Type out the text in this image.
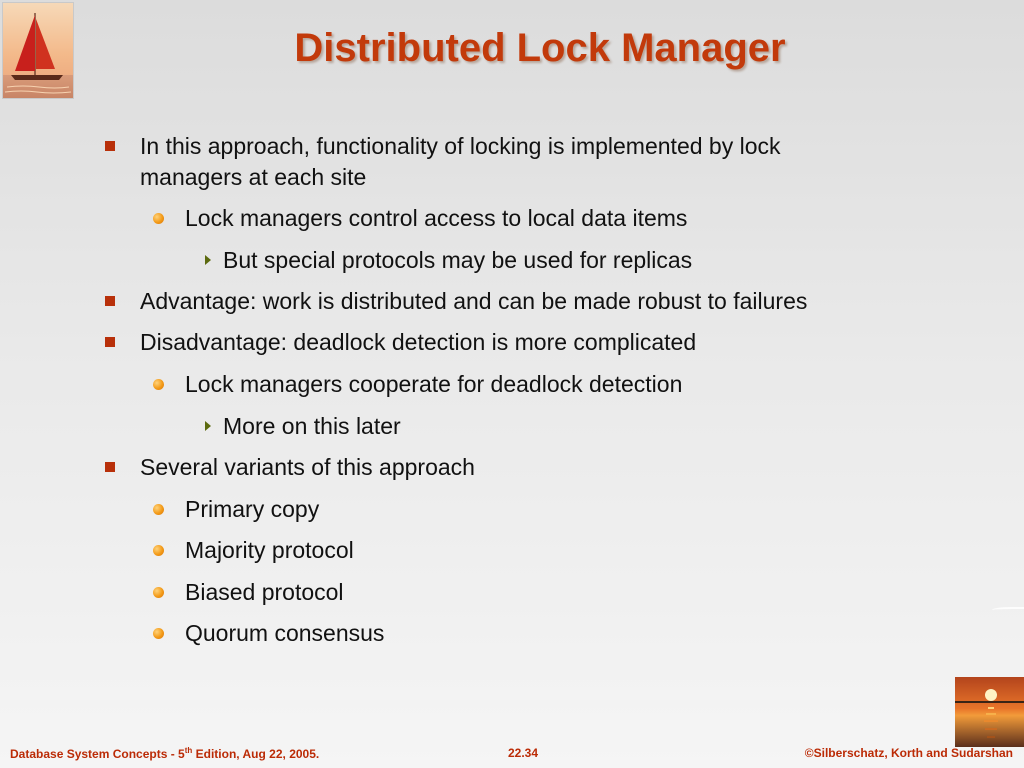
Distributed Lock Manager
In this approach, functionality of locking is implemented by lock
managers at each site
Lock managers control access to local data items
But special protocols may be used for replicas
Advantage: work is distributed and can be made robust to failures
Disadvantage: deadlock detection is more complicated
Lock managers cooperate for deadlock detection
More on this later
Several variants of this approach
Primary copy
Majority protocol
Biased protocol
Quorum consensus
Database System Concepts - 5th Edition, Aug 22, 2005.	22.34	©Silberschatz, Korth and Sudarshan
